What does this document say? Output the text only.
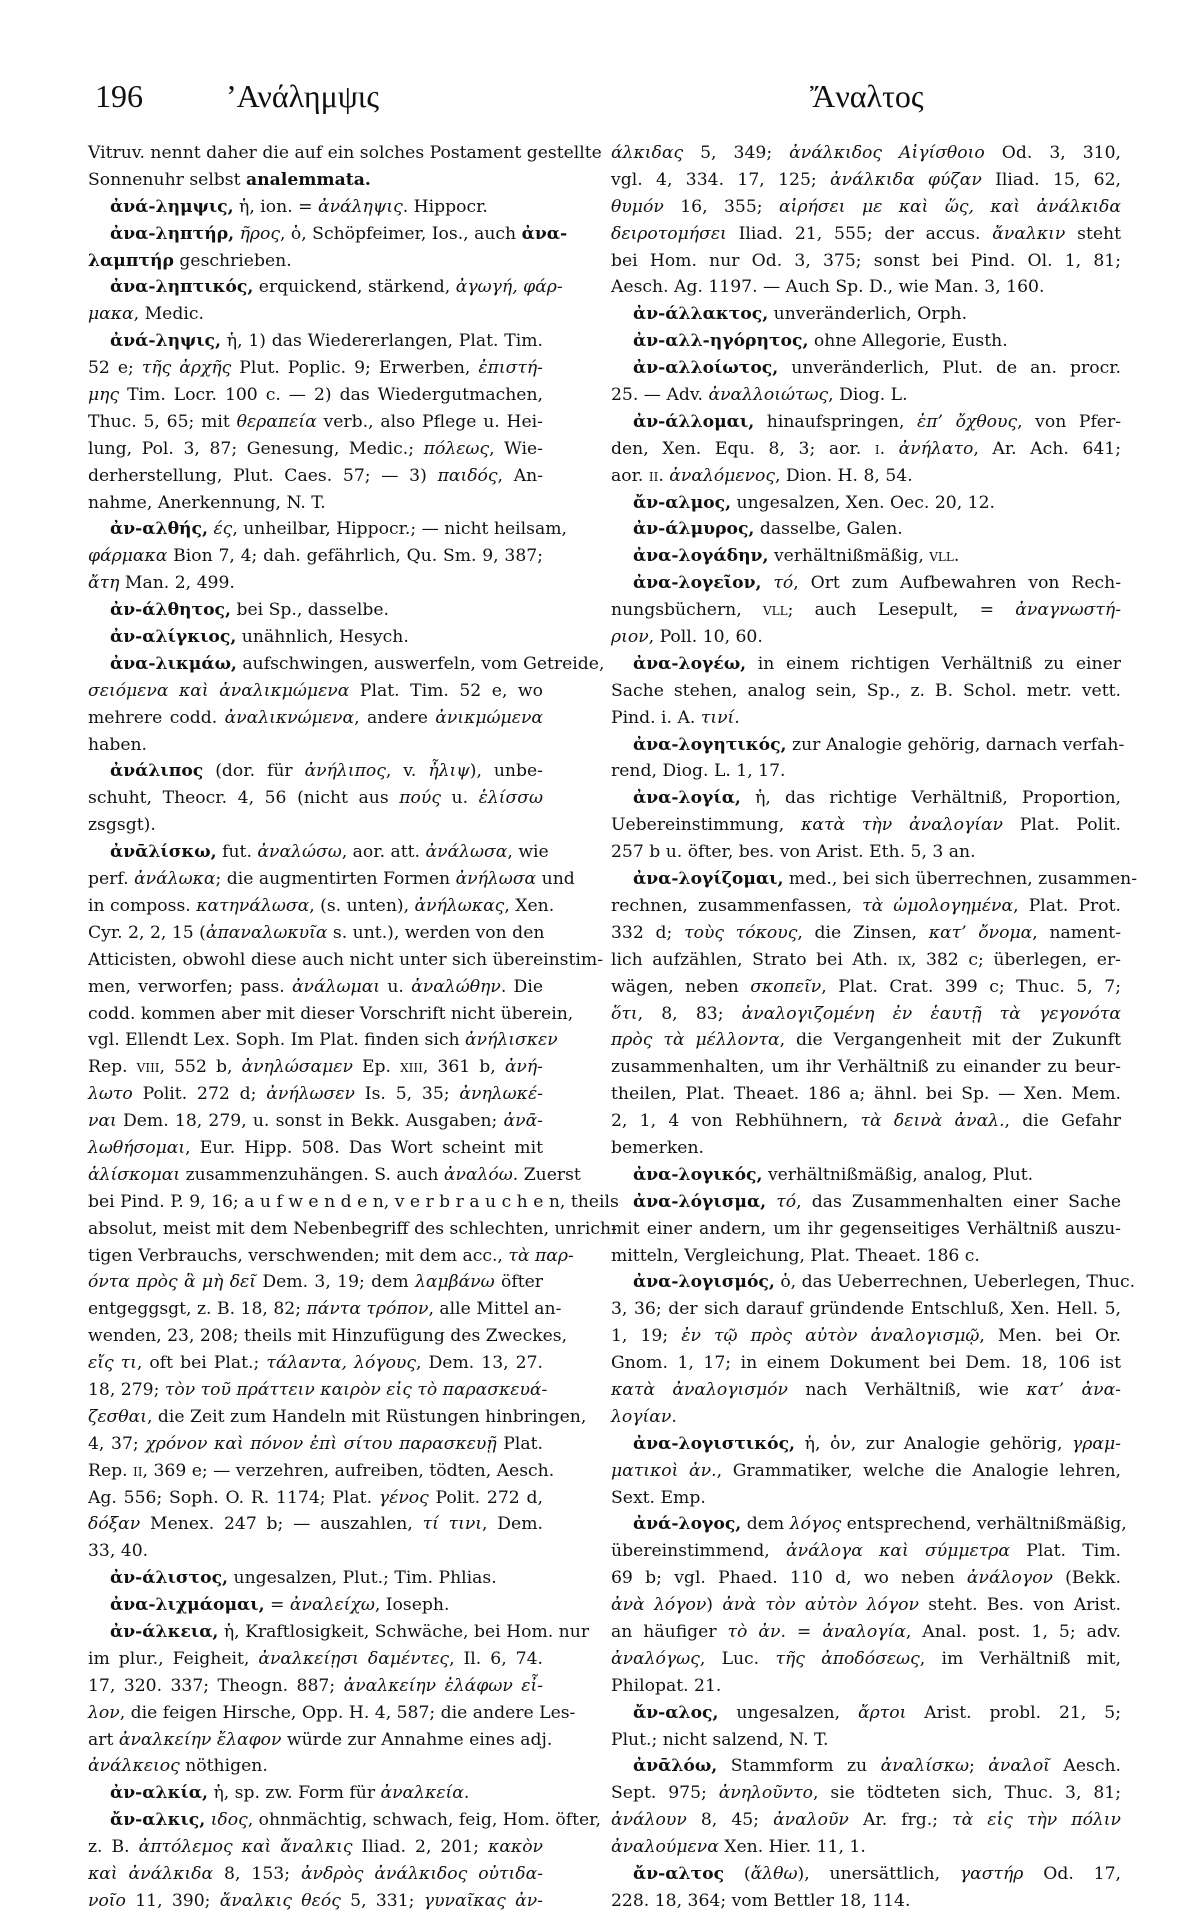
196	’Ανάλημψις	Ἄναλτος
Vitruv. nennt daher die auf ein solches Postament gestellte
Sonnenuhr selbst analemmata.
ἀνά-λημψις, ἡ, ion. = ἀνάληψις. Hippocr.
ἀνα-ληπτήρ, ῆρος, ὁ, Schöpfeimer, Ios., auch ἀνα-
λαμπτήρ geschrieben.
ἀνα-ληπτικός, erquickend, stärkend, ἀγωγή, φάρ-
μακα, Medic.
ἀνά-ληψις, ἡ, 1) das Wiedererlangen, Plat. Tim.
52 e; τῆς ἀρχῆς Plut. Poplic. 9; Erwerben, ἐπιστή-
μης Tim. Locr. 100 c. — 2) das Wiedergutmachen,
Thuc. 5, 65; mit θεραπεία verb., also Pflege u. Hei-
lung, Pol. 3, 87; Genesung, Medic.; πόλεως, Wie-
derherstellung, Plut. Caes. 57; — 3) παιδός, An-
nahme, Anerkennung, N. T.
ἀν-αλθής, ές, unheilbar, Hippocr.; — nicht heilsam,
φάρμακα Bion 7, 4; dah. gefährlich, Qu. Sm. 9, 387;
ἄτη Man. 2, 499.
ἀν-άλθητος, bei Sp., dasselbe.
ἀν-αλίγκιος, unähnlich, Hesych.
ἀνα-λικμάω, aufschwingen, auswerfeln, vom Getreide,
σειόμενα καὶ ἀναλικμώμενα Plat. Tim. 52 e, wo
mehrere codd. ἀναλικνώμενα, andere ἀνικμώμενα
haben.
ἀνάλιπος (dor. für ἀνήλιπος, v. ἦλιψ), unbe-
schuht, Theocr. 4, 56 (nicht aus πούς u. ἑλίσσω
zsgsgt).
ἀνᾱλίσκω, fut. ἀναλώσω, aor. att. ἀνάλωσα, wie
perf. ἀνάλωκα; die augmentirten Formen ἀνήλωσα und
in composs. κατηνάλωσα, (s. unten), ἀνήλωκας, Xen.
Cyr. 2, 2, 15 (ἀπαναλωκυῖα s. unt.), werden von den
Atticisten, obwohl diese auch nicht unter sich übereinstim-
men, verworfen; pass. ἀνάλωμαι u. ἀναλώθην. Die
codd. kommen aber mit dieser Vorschrift nicht überein,
vgl. Ellendt Lex. Soph. Im Plat. finden sich ἀνήλισκεν
Rep. viii, 552 b, ἀνηλώσαμεν Ep. xiii, 361 b, ἀνή-
λωτο Polit. 272 d; ἀνήλωσεν Is. 5, 35; ἀνηλωκέ-
ναι Dem. 18, 279, u. sonst in Bekk. Ausgaben; ἀνᾱ-
λωθήσομαι, Eur. Hipp. 508. Das Wort scheint mit
ἁλίσκομαι zusammenzuhängen. S. auch ἀναλόω. Zuerst
bei Pind. P. 9, 16; a u f w e n d e n, v e r b r a u c h e n, theils
absolut, meist mit dem Nebenbegriff des schlechten, unrich-
tigen Verbrauchs, verschwenden; mit dem acc., τὰ παρ-
όντα πρὸς ἃ μὴ δεῖ Dem. 3, 19; dem λαμβάνω öfter
entgeggsgt, z. B. 18, 82; πάντα τρόπον, alle Mittel an-
wenden, 23, 208; theils mit Hinzufügung des Zweckes,
εἴς τι, oft bei Plat.; τάλαντα, λόγους, Dem. 13, 27.
18, 279; τὸν τοῦ πράττειν καιρὸν εἰς τὸ παρασκευά-
ζεσθαι, die Zeit zum Handeln mit Rüstungen hinbringen,
4, 37; χρόνον καὶ πόνον ἐπὶ σίτου παρασκευῇ Plat.
Rep. ii, 369 e; — verzehren, aufreiben, tödten, Aesch.
Ag. 556; Soph. O. R. 1174; Plat. γένος Polit. 272 d,
δόξαν Menex. 247 b; — auszahlen, τί τινι, Dem.
33, 40.
ἀν-άλιστος, ungesalzen, Plut.; Tim. Phlias.
ἀνα-λιχμάομαι, = ἀναλείχω, Ioseph.
ἀν-άλκεια, ἡ, Kraftlosigkeit, Schwäche, bei Hom. nur
im plur., Feigheit, ἀναλκείῃσι δαμέντες, Il. 6, 74.
17, 320. 337; Theogn. 887; ἀναλκείην ἐλάφων εἶ-
λον, die feigen Hirsche, Opp. H. 4, 587; die andere Les-
art ἀναλκείην ἔλαφον würde zur Annahme eines adj.
ἀνάλκειος nöthigen.
ἀν-αλκία, ἡ, sp. zw. Form für ἀναλκεία.
ἄν-αλκις, ιδος, ohnmächtig, schwach, feig, Hom. öfter,
z. B. ἀπτόλεμος καὶ ἄναλκις Iliad. 2, 201; κακὸν
καὶ ἀνάλκιδα 8, 153; ἀνδρὸς ἀνάλκιδος οὐτιδα-
νοῖο 11, 390; ἄναλκις θεός 5, 331; γυναῖκας ἀν-
άλκιδας 5, 349; ἀνάλκιδος Αἰγίσθοιο Od. 3, 310,
vgl. 4, 334. 17, 125; ἀνάλκιδα φύζαν Iliad. 15, 62,
θυμόν 16, 355; αἱρήσει με καὶ ὥς, καὶ ἀνάλκιδα
δειροτομήσει Iliad. 21, 555; der accus. ἄναλκιν steht
bei Hom. nur Od. 3, 375; sonst bei Pind. Ol. 1, 81;
Aesch. Ag. 1197. — Auch Sp. D., wie Man. 3, 160.
ἀν-άλλακτος, unveränderlich, Orph.
ἀν-αλλ-ηγόρητος, ohne Allegorie, Eusth.
ἀν-αλλοίωτος, unveränderlich, Plut. de an. procr.
25. — Adv. ἀναλλοιώτως, Diog. L.
ἀν-άλλομαι, hinaufspringen, ἐπ’ ὄχθους, von Pfer-
den, Xen. Equ. 8, 3; aor. i. ἀνήλατο, Ar. Ach. 641;
aor. ii. ἀναλόμενος, Dion. H. 8, 54.
ἄν-αλμος, ungesalzen, Xen. Oec. 20, 12.
ἀν-άλμυρος, dasselbe, Galen.
ἀνα-λογάδην, verhältnißmäßig, vll.
ἀνα-λογεῖον, τό, Ort zum Aufbewahren von Rech-
nungsbüchern, vll; auch Lesepult, = ἀναγνωστή-
ριον, Poll. 10, 60.
ἀνα-λογέω, in einem richtigen Verhältniß zu einer
Sache stehen, analog sein, Sp., z. B. Schol. metr. vett.
Pind. i. A. τινί.
ἀνα-λογητικός, zur Analogie gehörig, darnach verfah-
rend, Diog. L. 1, 17.
ἀνα-λογία, ἡ, das richtige Verhältniß, Proportion,
Uebereinstimmung, κατὰ τὴν ἀναλογίαν Plat. Polit.
257 b u. öfter, bes. von Arist. Eth. 5, 3 an.
ἀνα-λογίζομαι, med., bei sich überrechnen, zusammen-
rechnen, zusammenfassen, τὰ ὡμολογημένα, Plat. Prot.
332 d; τοὺς τόκους, die Zinsen, κατ’ ὄνομα, nament-
lich aufzählen, Strato bei Ath. ix, 382 c; überlegen, er-
wägen, neben σκοπεῖν, Plat. Crat. 399 c; Thuc. 5, 7;
ὅτι, 8, 83; ἀναλογιζομένη ἐν ἑαυτῇ τὰ γεγονότα
πρὸς τὰ μέλλοντα, die Vergangenheit mit der Zukunft
zusammenhalten, um ihr Verhältniß zu einander zu beur-
theilen, Plat. Theaet. 186 a; ähnl. bei Sp. — Xen. Mem.
2, 1, 4 von Rebhühnern, τὰ δεινὰ ἀναλ., die Gefahr
bemerken.
ἀνα-λογικός, verhältnißmäßig, analog, Plut.
ἀνα-λόγισμα, τό, das Zusammenhalten einer Sache
mit einer andern, um ihr gegenseitiges Verhältniß auszu-
mitteln, Vergleichung, Plat. Theaet. 186 c.
ἀνα-λογισμός, ὁ, das Ueberrechnen, Ueberlegen, Thuc.
3, 36; der sich darauf gründende Entschluß, Xen. Hell. 5,
1, 19; ἐν τῷ πρὸς αὐτὸν ἀναλογισμῷ, Men. bei Or.
Gnom. 1, 17; in einem Dokument bei Dem. 18, 106 ist
κατὰ ἀναλογισμόν nach Verhältniß, wie κατ’ ἀνα-
λογίαν.
ἀνα-λογιστικός, ἡ, ὁν, zur Analogie gehörig, γραμ-
ματικοὶ ἀν., Grammatiker, welche die Analogie lehren,
Sext. Emp.
ἀνά-λογος, dem λόγος entsprechend, verhältnißmäßig,
übereinstimmend, ἀνάλογα καὶ σύμμετρα Plat. Tim.
69 b; vgl. Phaed. 110 d, wo neben ἀνάλογον (Bekk.
ἀνὰ λόγον) ἀνὰ τὸν αὐτὸν λόγον steht. Bes. von Arist.
an häufiger τὸ ἀν. = ἀναλογία, Anal. post. 1, 5; adv.
ἀναλόγως, Luc. τῆς ἀποδόσεως, im Verhältniß mit,
Philopat. 21.
ἄν-αλος, ungesalzen, ἄρτοι Arist. probl. 21, 5;
Plut.; nicht salzend, N. T.
ἀνᾱλόω, Stammform zu ἀναλίσκω; ἀναλοῖ Aesch.
Sept. 975; ἀνηλοῦντο, sie tödteten sich, Thuc. 3, 81;
ἀνάλουν 8, 45; ἀναλοῦν Ar. frg.; τὰ εἰς τὴν πόλιν
ἀναλούμενα Xen. Hier. 11, 1.
ἄν-αλτος (ἄλθω), unersättlich, γαστήρ Od. 17,
228. 18, 364; vom Bettler 18, 114.
